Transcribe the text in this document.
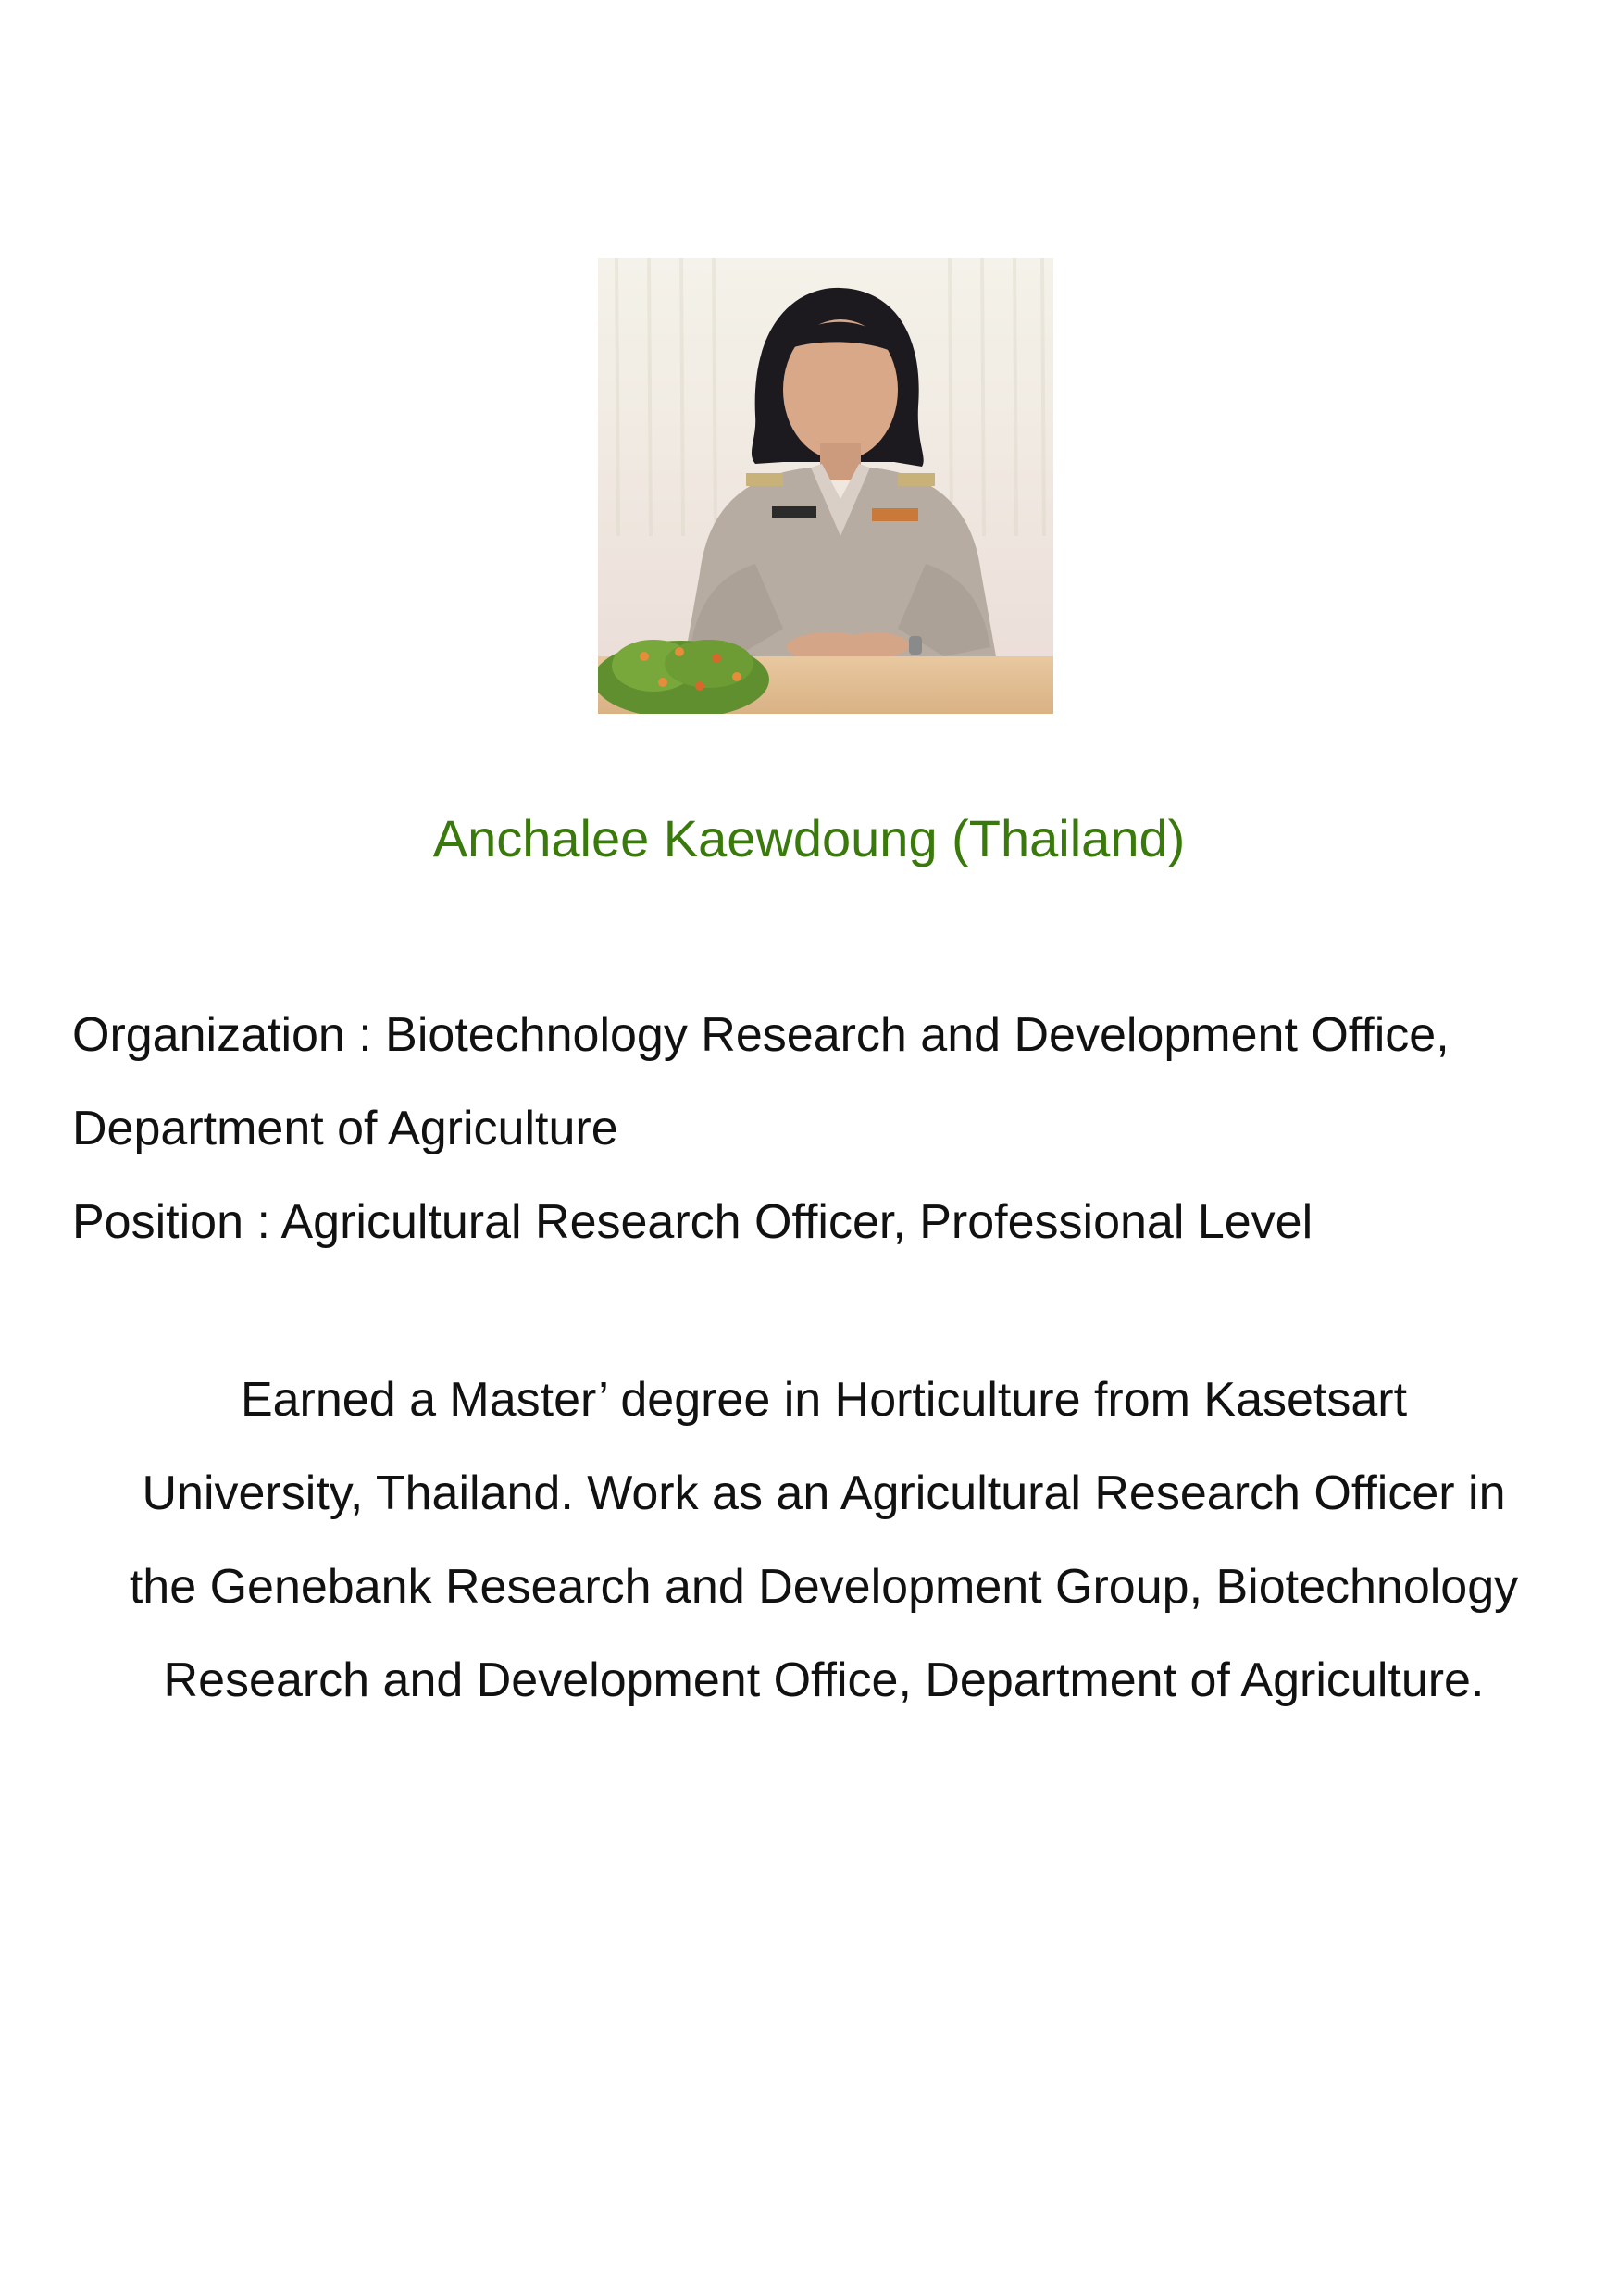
Anchalee Kaewdoung (Thailand)

Organization : Biotechnology Research and Development Office,

Department of Agriculture

Position : Agricultural Research Officer, Professional Level

Earned a Master’ degree in Horticulture from Kasetsart

University, Thailand. Work as an Agricultural Research Officer in

the Genebank Research and Development Group, Biotechnology

Research and Development Office, Department of Agriculture.
